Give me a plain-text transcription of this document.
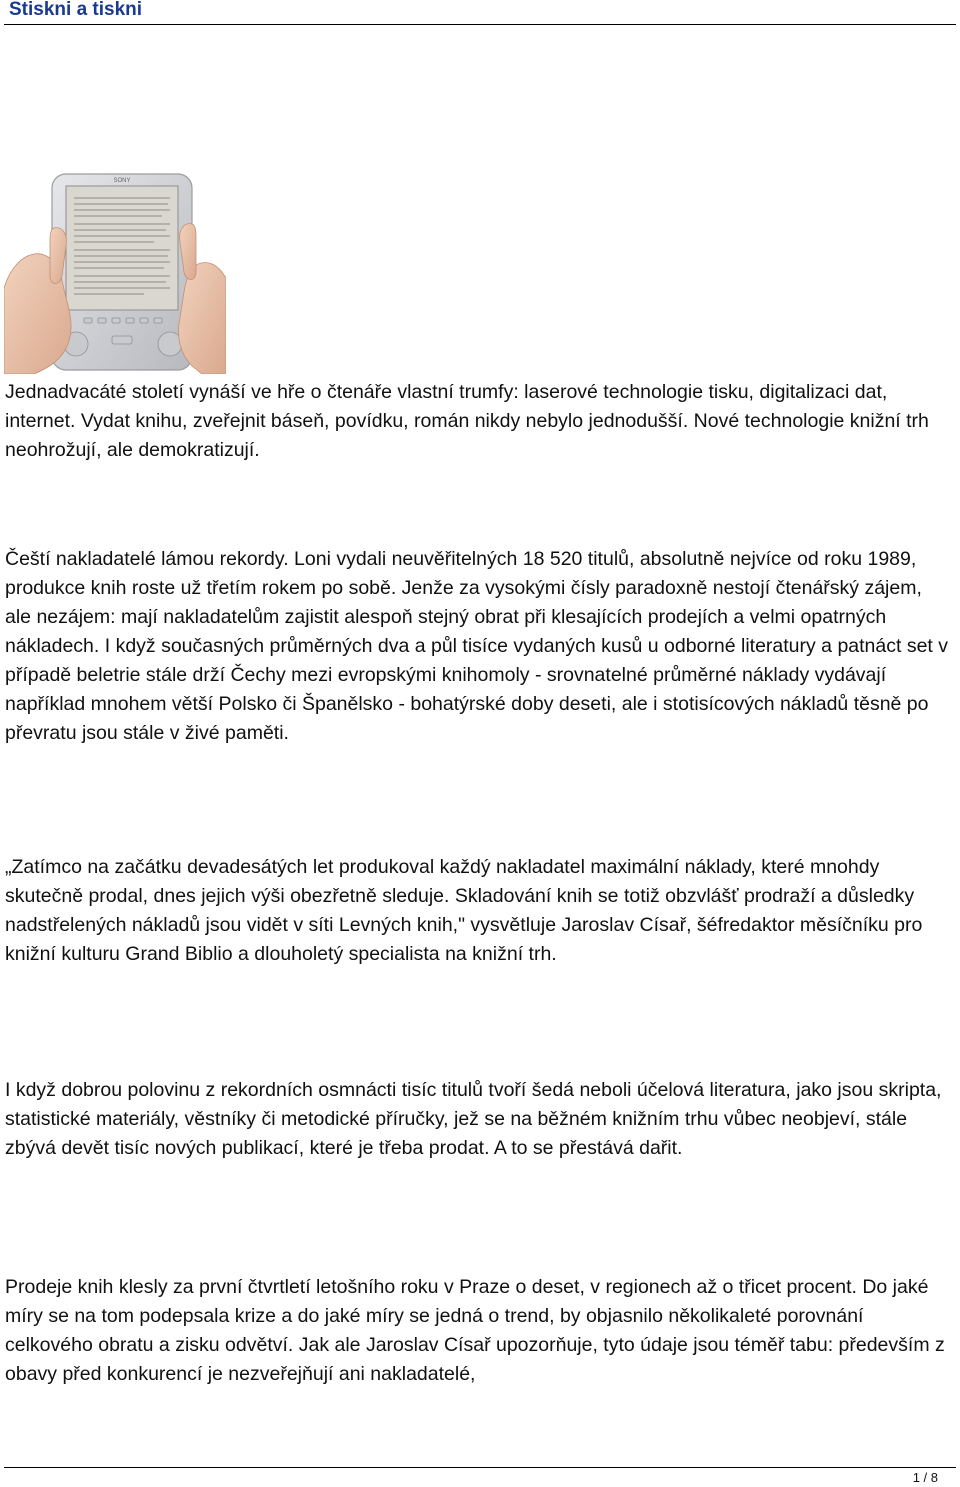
Stiskni a tiskni
SONY

Jednadvacáté století vynáší ve hře o čtenáře vlastní trumfy: laserové technologie tisku, digitalizaci dat, internet. Vydat knihu, zveřejnit báseň, povídku, román nikdy nebylo jednodušší. Nové technologie knižní trh neohrožují, ale demokratizují.

Čeští nakladatelé lámou rekordy. Loni vydali neuvěřitelných 18 520 titulů, absolutně nejvíce od roku 1989, produkce knih roste už třetím rokem po sobě. Jenže za vysokými čísly paradoxně nestojí čtenářský zájem, ale nezájem: mají nakladatelům zajistit alespoň stejný obrat při klesajících prodejích a velmi opatrných nákladech. I když současných průměrných dva a půl tisíce vydaných kusů u odborné literatury a patnáct set v případě beletrie stále drží Čechy mezi evropskými knihomoly - srovnatelné průměrné náklady vydávají například mnohem větší Polsko či Španělsko - bohatýrské doby deseti, ale i stotisícových nákladů těsně po převratu jsou stále v živé paměti.

„Zatímco na začátku devadesátých let produkoval každý nakladatel maximální náklady, které mnohdy skutečně prodal, dnes jejich výši obezřetně sleduje. Skladování knih se totiž obzvlášť prodraží a důsledky nadstřelených nákladů jsou vidět v síti Levných knih," vysvětluje Jaroslav Císař, šéfredaktor měsíčníku pro knižní kulturu Grand Biblio a dlouholetý specialista na knižní trh.

I když dobrou polovinu z rekordních osmnácti tisíc titulů tvoří šedá neboli účelová literatura, jako jsou skripta, statistické materiály, věstníky či metodické příručky, jež se na běžném knižním trhu vůbec neobjeví, stále zbývá devět tisíc nových publikací, které je třeba prodat. A to se přestává dařit.

Prodeje knih klesly za první čtvrtletí letošního roku v Praze o deset, v regionech až o třicet procent. Do jaké míry se na tom podepsala krize a do jaké míry se jedná o trend, by objasnilo několikaleté porovnání celkového obratu a zisku odvětví. Jak ale Jaroslav Císař upozorňuje, tyto údaje jsou téměř tabu: především z obavy před konkurencí je nezveřejňují ani nakladatelé,

1 / 8
